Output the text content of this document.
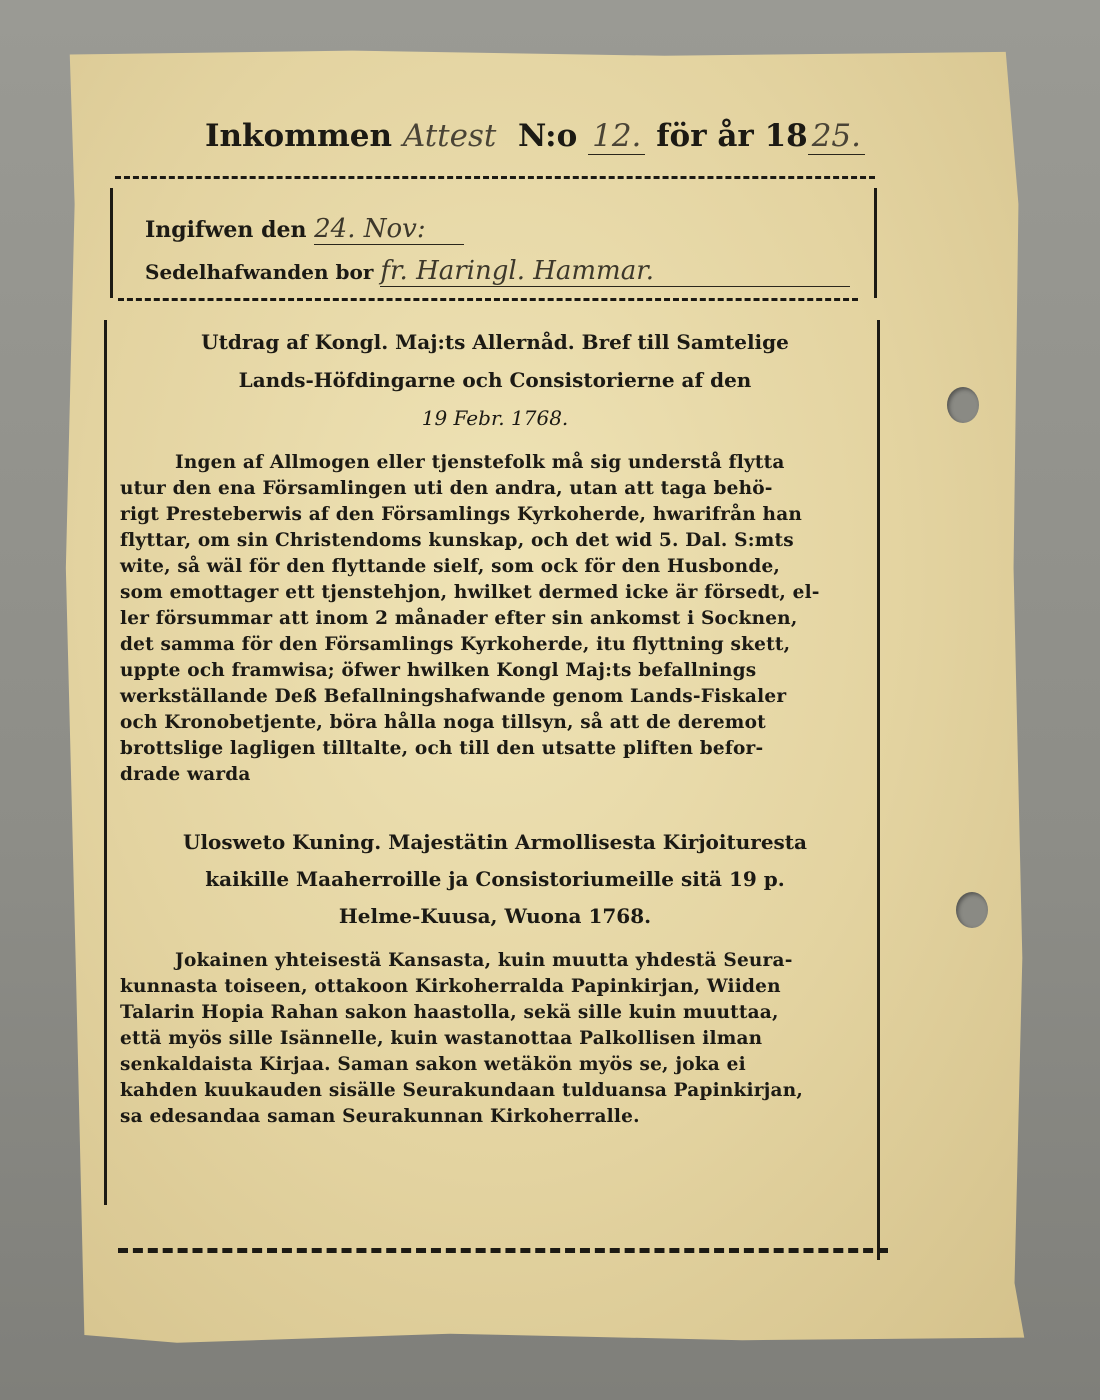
Inkommen Attest N:o 12. för år 18 25.
Ingifwen den 24. Nov:
Sedelhafwanden bor fr. Haringl. Hammar.
Utdrag af Kongl. Maj:ts Allernåd. Bref till Samtelige
Lands-Höfdingarne och Consistorierne af den
19 Febr. 1768.
Ingen af Allmogen eller tjenstefolk må sig understå flytta
utur den ena Församlingen uti den andra, utan att taga behö-
rigt Presteberwis af den Församlings Kyrkoherde, hwarifrån han
flyttar, om sin Christendoms kunskap, och det wid 5. Dal. S:mts
wite, så wäl för den flyttande sielf, som ock för den Husbonde,
som emottager ett tjenstehjon, hwilket dermed icke är försedt, el-
ler försummar att inom 2 månader efter sin ankomst i Socknen,
det samma för den Församlings Kyrkoherde, itu flyttning skett,
uppte och framwisa; öfwer hwilken Kongl Maj:ts befallnings
werkställande Deß Befallningshafwande genom Lands-Fiskaler
och Kronobetjente, böra hålla noga tillsyn, så att de deremot
brottslige lagligen tilltalte, och till den utsatte pliften befor-
drade warda
Ulosweto Kuning. Majestätin Armollisesta Kirjoituresta
kaikille Maaherroille ja Consistoriumeille sitä 19 p.
Helme-Kuusa, Wuona 1768.
Jokainen yhteisestä Kansasta, kuin muutta yhdestä Seura-
kunnasta toiseen, ottakoon Kirkoherralda Papinkirjan, Wiiden
Talarin Hopia Rahan sakon haastolla, sekä sille kuin muuttaa,
että myös sille Isännelle, kuin wastanottaa Palkollisen ilman
senkaldaista Kirjaa. Saman sakon wetäkön myös se, joka ei
kahden kuukauden sisälle Seurakundaan tulduansa Papinkirjan,
sa edesandaa saman Seurakunnan Kirkoherralle.
